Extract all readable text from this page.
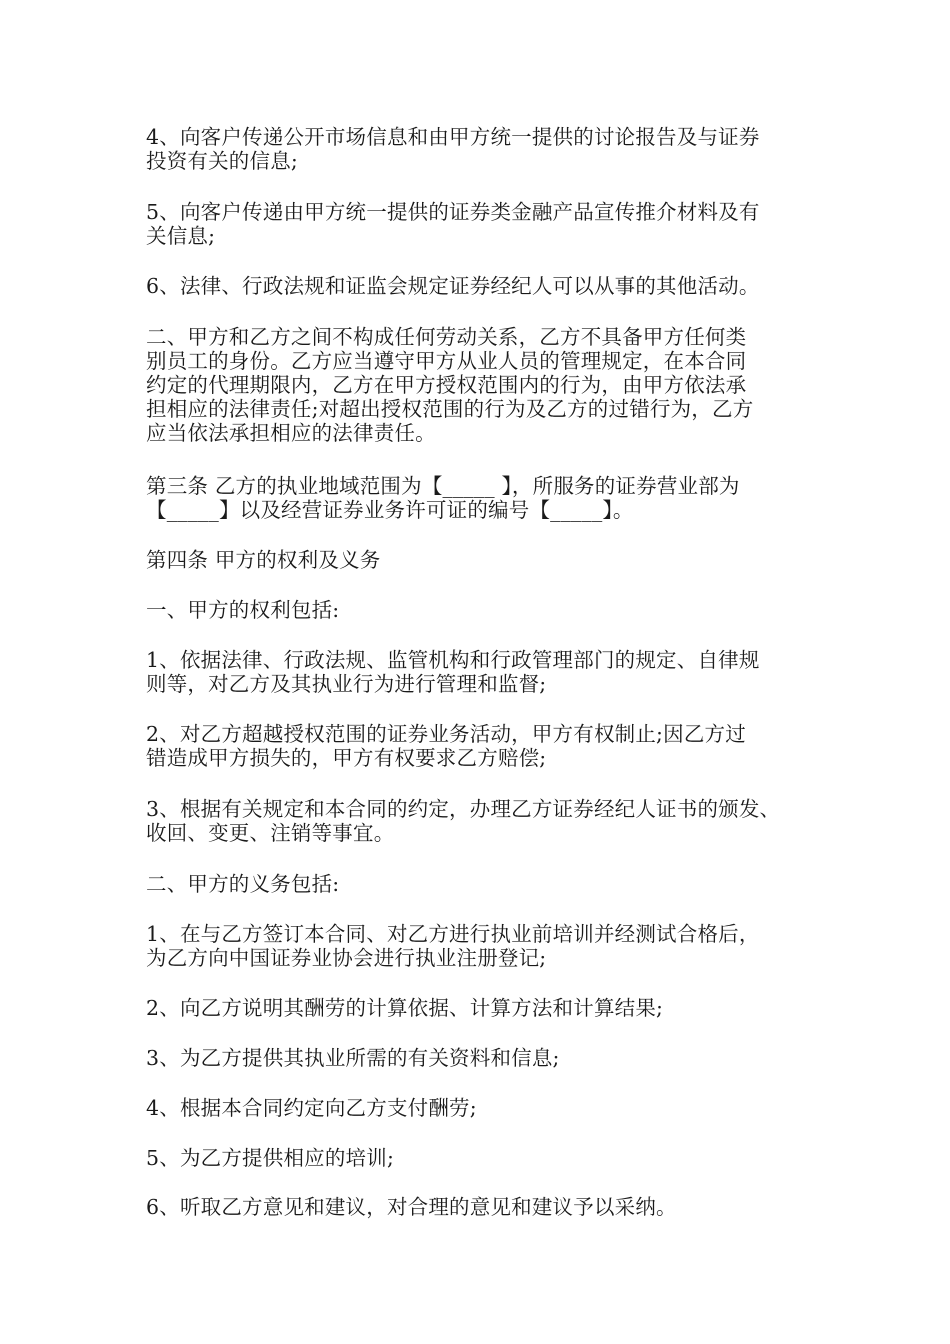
4、向客户传递公开市场信息和由甲方统一提供的讨论报告及与证券
投资有关的信息;

5、向客户传递由甲方统一提供的证券类金融产品宣传推介材料及有
关信息;

6、法律、行政法规和证监会规定证券经纪人可以从事的其他活动。

二、甲方和乙方之间不构成任何劳动关系，乙方不具备甲方任何类
别员工的身份。乙方应当遵守甲方从业人员的管理规定，在本合同
约定的代理期限内，乙方在甲方授权范围内的行为，由甲方依法承
担相应的法律责任;对超出授权范围的行为及乙方的过错行为，乙方
应当依法承担相应的法律责任。

第三条 乙方的执业地域范围为【_____ 】，所服务的证券营业部为
【_____】以及经营证券业务许可证的编号【_____】。

第四条 甲方的权利及义务

一、甲方的权利包括:

1、依据法律、行政法规、监管机构和行政管理部门的规定、自律规
则等，对乙方及其执业行为进行管理和监督;

2、对乙方超越授权范围的证券业务活动，甲方有权制止;因乙方过
错造成甲方损失的，甲方有权要求乙方赔偿;

3、根据有关规定和本合同的约定，办理乙方证券经纪人证书的颁发、
收回、变更、注销等事宜。

二、甲方的义务包括:

1、在与乙方签订本合同、对乙方进行执业前培训并经测试合格后，
为乙方向中国证券业协会进行执业注册登记;

2、向乙方说明其酬劳的计算依据、计算方法和计算结果;

3、为乙方提供其执业所需的有关资料和信息;

4、根据本合同约定向乙方支付酬劳;

5、为乙方提供相应的培训;

6、听取乙方意见和建议，对合理的意见和建议予以采纳。
